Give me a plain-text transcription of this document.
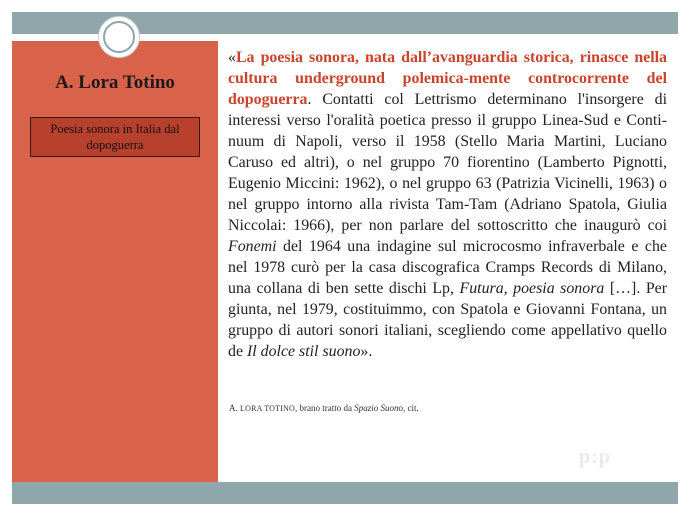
A. Lora Totino
Poesia sonora in Italia dal dopoguerra
«La poesia sonora, nata dall’avanguardia storica, rinasce nella cultura underground polemica-mente controcorrente del dopoguerra. Contatti col Lettrismo determinano l'insorgere di interessi verso l'oralità poetica presso il gruppo Linea-Sud e Conti-nuum di Napoli, verso il 1958 (Stello Maria Martini, Luciano Caruso ed altri), o nel gruppo 70 fiorentino (Lamberto Pignotti, Eugenio Miccini: 1962), o nel gruppo 63 (Patrizia Vicinelli, 1963) o nel gruppo intorno alla rivista Tam-Tam (Adriano Spatola, Giulia Niccolai: 1966), per non parlare del sottoscritto che inaugurò coi Fonemi del 1964 una indagine sul microcosmo infraverbale e che nel 1978 curò per la casa discografica Cramps Records di Milano, una collana di ben sette dischi Lp, Futura, poesia sonora […]. Per giunta, nel 1979, costituimmo, con Spatola e Giovanni Fontana, un gruppo di autori sonori italiani, scegliendo come appellativo quello de Il dolce stil suono».
A. LORA TOTINO, brano tratto da Spazio Suono, cit.
p:p
